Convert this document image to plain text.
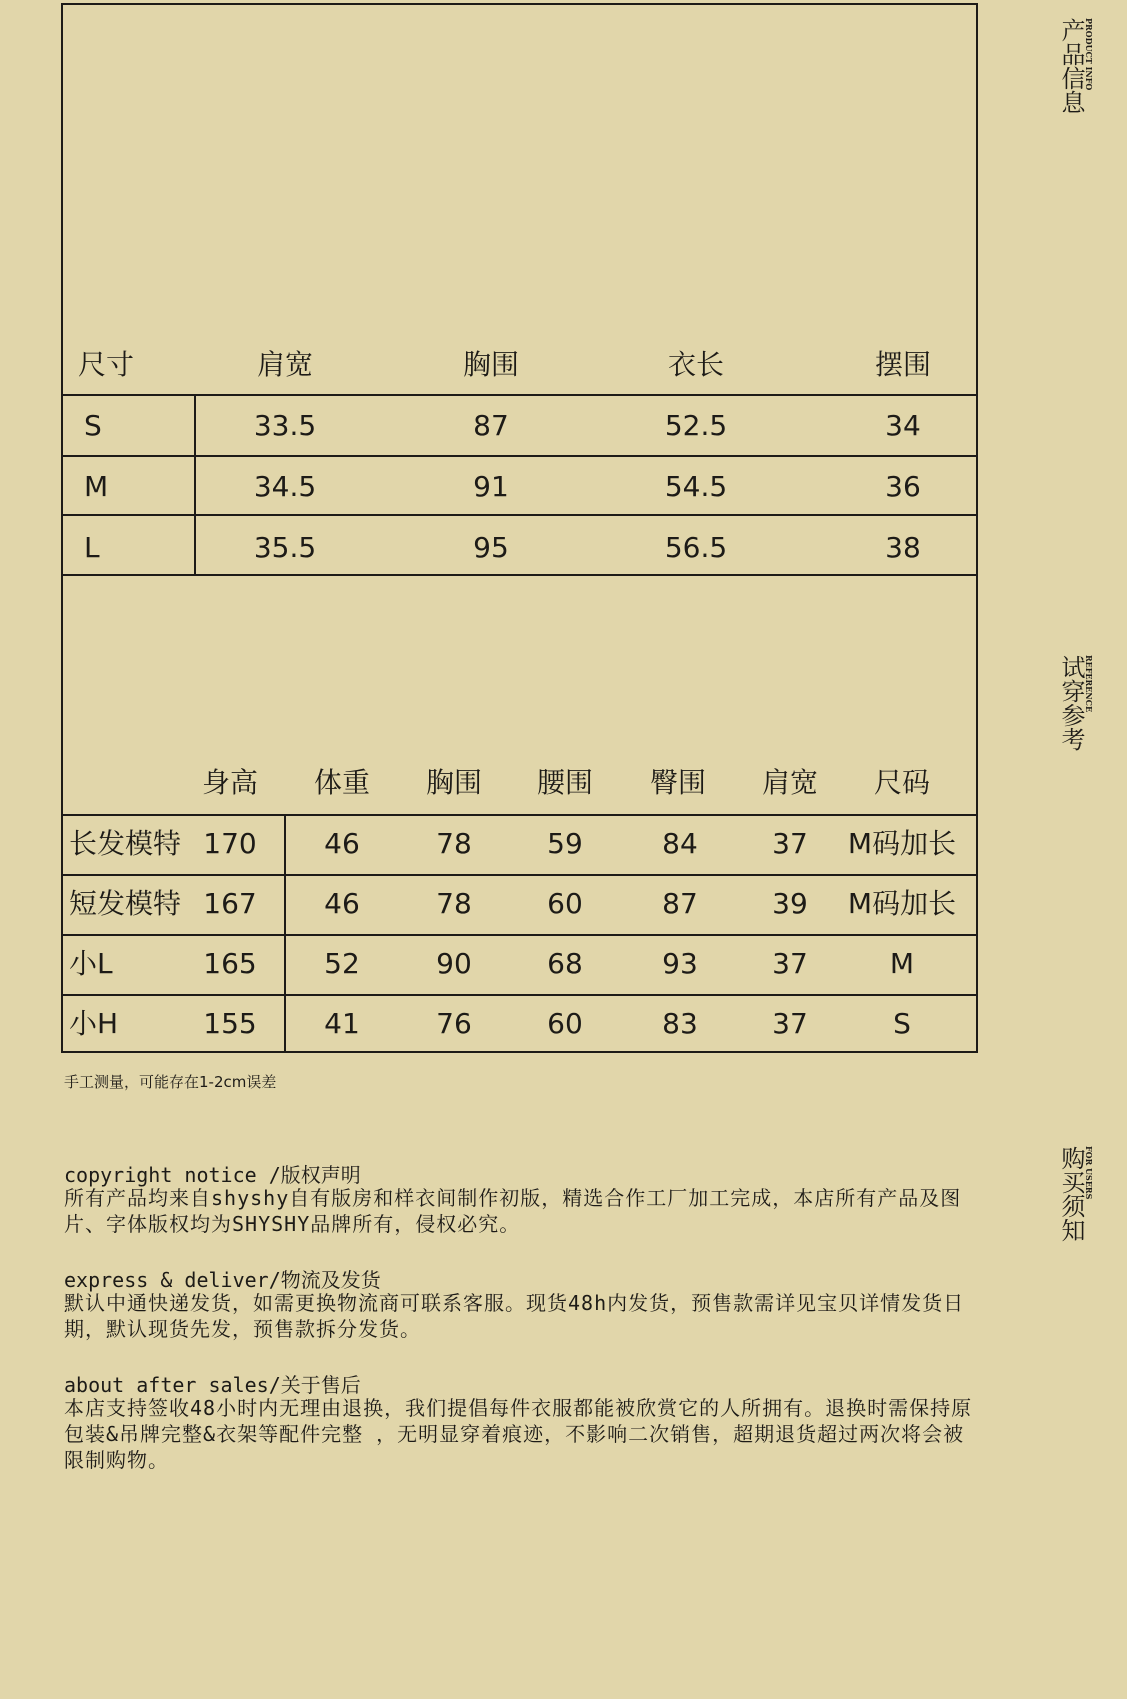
产品信息 PRODUCT INFO
试穿参考 REFERENCE
购买须知 FOR USERS
尺寸	肩宽	胸围	衣长	摆围
S	33.5	87	52.5	34
M	34.5	91	54.5	36
L	35.5	95	56.5	38
身高 体重 胸围 腰围 臀围 肩宽 尺码
长发模特 170 46	78	59	84	37 M码加长
短发模特 167 46	78	60	87	39 M码加长
小L	165 52	90	68	93	37	M
小H	155 41	76	60	83	37	S
手工测量，可能存在1-2cm误差
copyright notice /版权声明
所有产品均来自shyshy自有版房和样衣间制作初版，精选合作工厂加工完成，本店所有产品及图片、字体版权均为SHYSHY品牌所有，侵权必究。
express & deliver/物流及发货
默认中通快递发货，如需更换物流商可联系客服。现货48h内发货，预售款需详见宝贝详情发货日期，默认现货先发，预售款拆分发货。
about after sales/关于售后
本店支持签收48小时内无理由退换，我们提倡每件衣服都能被欣赏它的人所拥有。退换时需保持原包装&吊牌完整&衣架等配件完整 ，无明显穿着痕迹，不影响二次销售，超期退货超过两次将会被限制购物。
